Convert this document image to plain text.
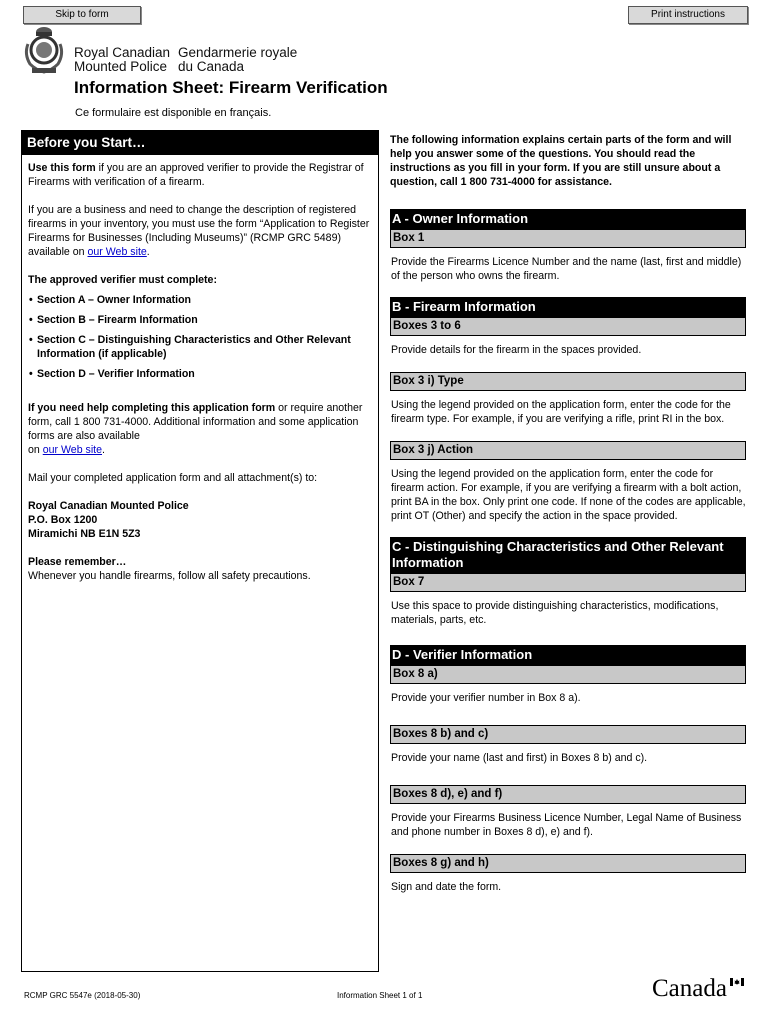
Skip to form	Print instructions
Royal Canadian
Mounted Police
Gendarmerie royale
du Canada
Information Sheet: Firearm Verification
Ce formulaire est disponible en français.
Before you Start…

Use this form if you are an approved verifier to provide the Registrar of Firearms with verification of a firearm.

If you are a business and need to change the description of registered firearms in your inventory, you must use the form “Application to Register Firearms for Businesses (Including Museums)” (RCMP GRC 5489) available on our Web site.

The approved verifier must complete:

• Section A – Owner Information
• Section B – Firearm Information
• Section C – Distinguishing Characteristics and Other Relevant Information (if applicable)
• Section D – Verifier Information

If you need help completing this application form or require another form, call 1 800 731-4000. Additional information and some application forms are also available
on our Web site.

Mail your completed application form and all attachment(s) to:

Royal Canadian Mounted Police
P.O. Box 1200
Miramichi NB E1N 5Z3

Please remember…
Whenever you handle firearms, follow all safety precautions.

The following information explains certain parts of the form and will help you answer some of the questions. You should read the instructions as you fill in your form. If you are still unsure about a question, call 1 800 731-4000 for assistance.

A - Owner Information
Box 1
Provide the Firearms Licence Number and the name (last, first and middle) of the person who owns the firearm.
B - Firearm Information
Boxes 3 to 6
Provide details for the firearm in the spaces provided.
Box 3 i) Type
Using the legend provided on the application form, enter the code for the firearm type. For example, if you are verifying a rifle, print RI in the box.
Box 3 j) Action
Using the legend provided on the application form, enter the code for firearm action. For example, if you are verifying a firearm with a bolt action, print BA in the box. Only print one code. If none of the codes are applicable, print OT (Other) and specify the action in the space provided.
C - Distinguishing Characteristics and Other Relevant Information
Box 7
Use this space to provide distinguishing characteristics, modifications, materials, parts, etc.
D - Verifier Information
Box 8 a)
Provide your verifier number in Box 8 a).
Boxes 8 b) and c)
Provide your name (last and first) in Boxes 8 b) and c).
Boxes 8 d), e) and f)
Provide your Firearms Business Licence Number, Legal Name of Business and phone number in Boxes 8 d), e) and f).
Boxes 8 g) and h)
Sign and date the form.
RCMP GRC 5547e (2018-05-30)	Information Sheet 1 of 1	Canada
